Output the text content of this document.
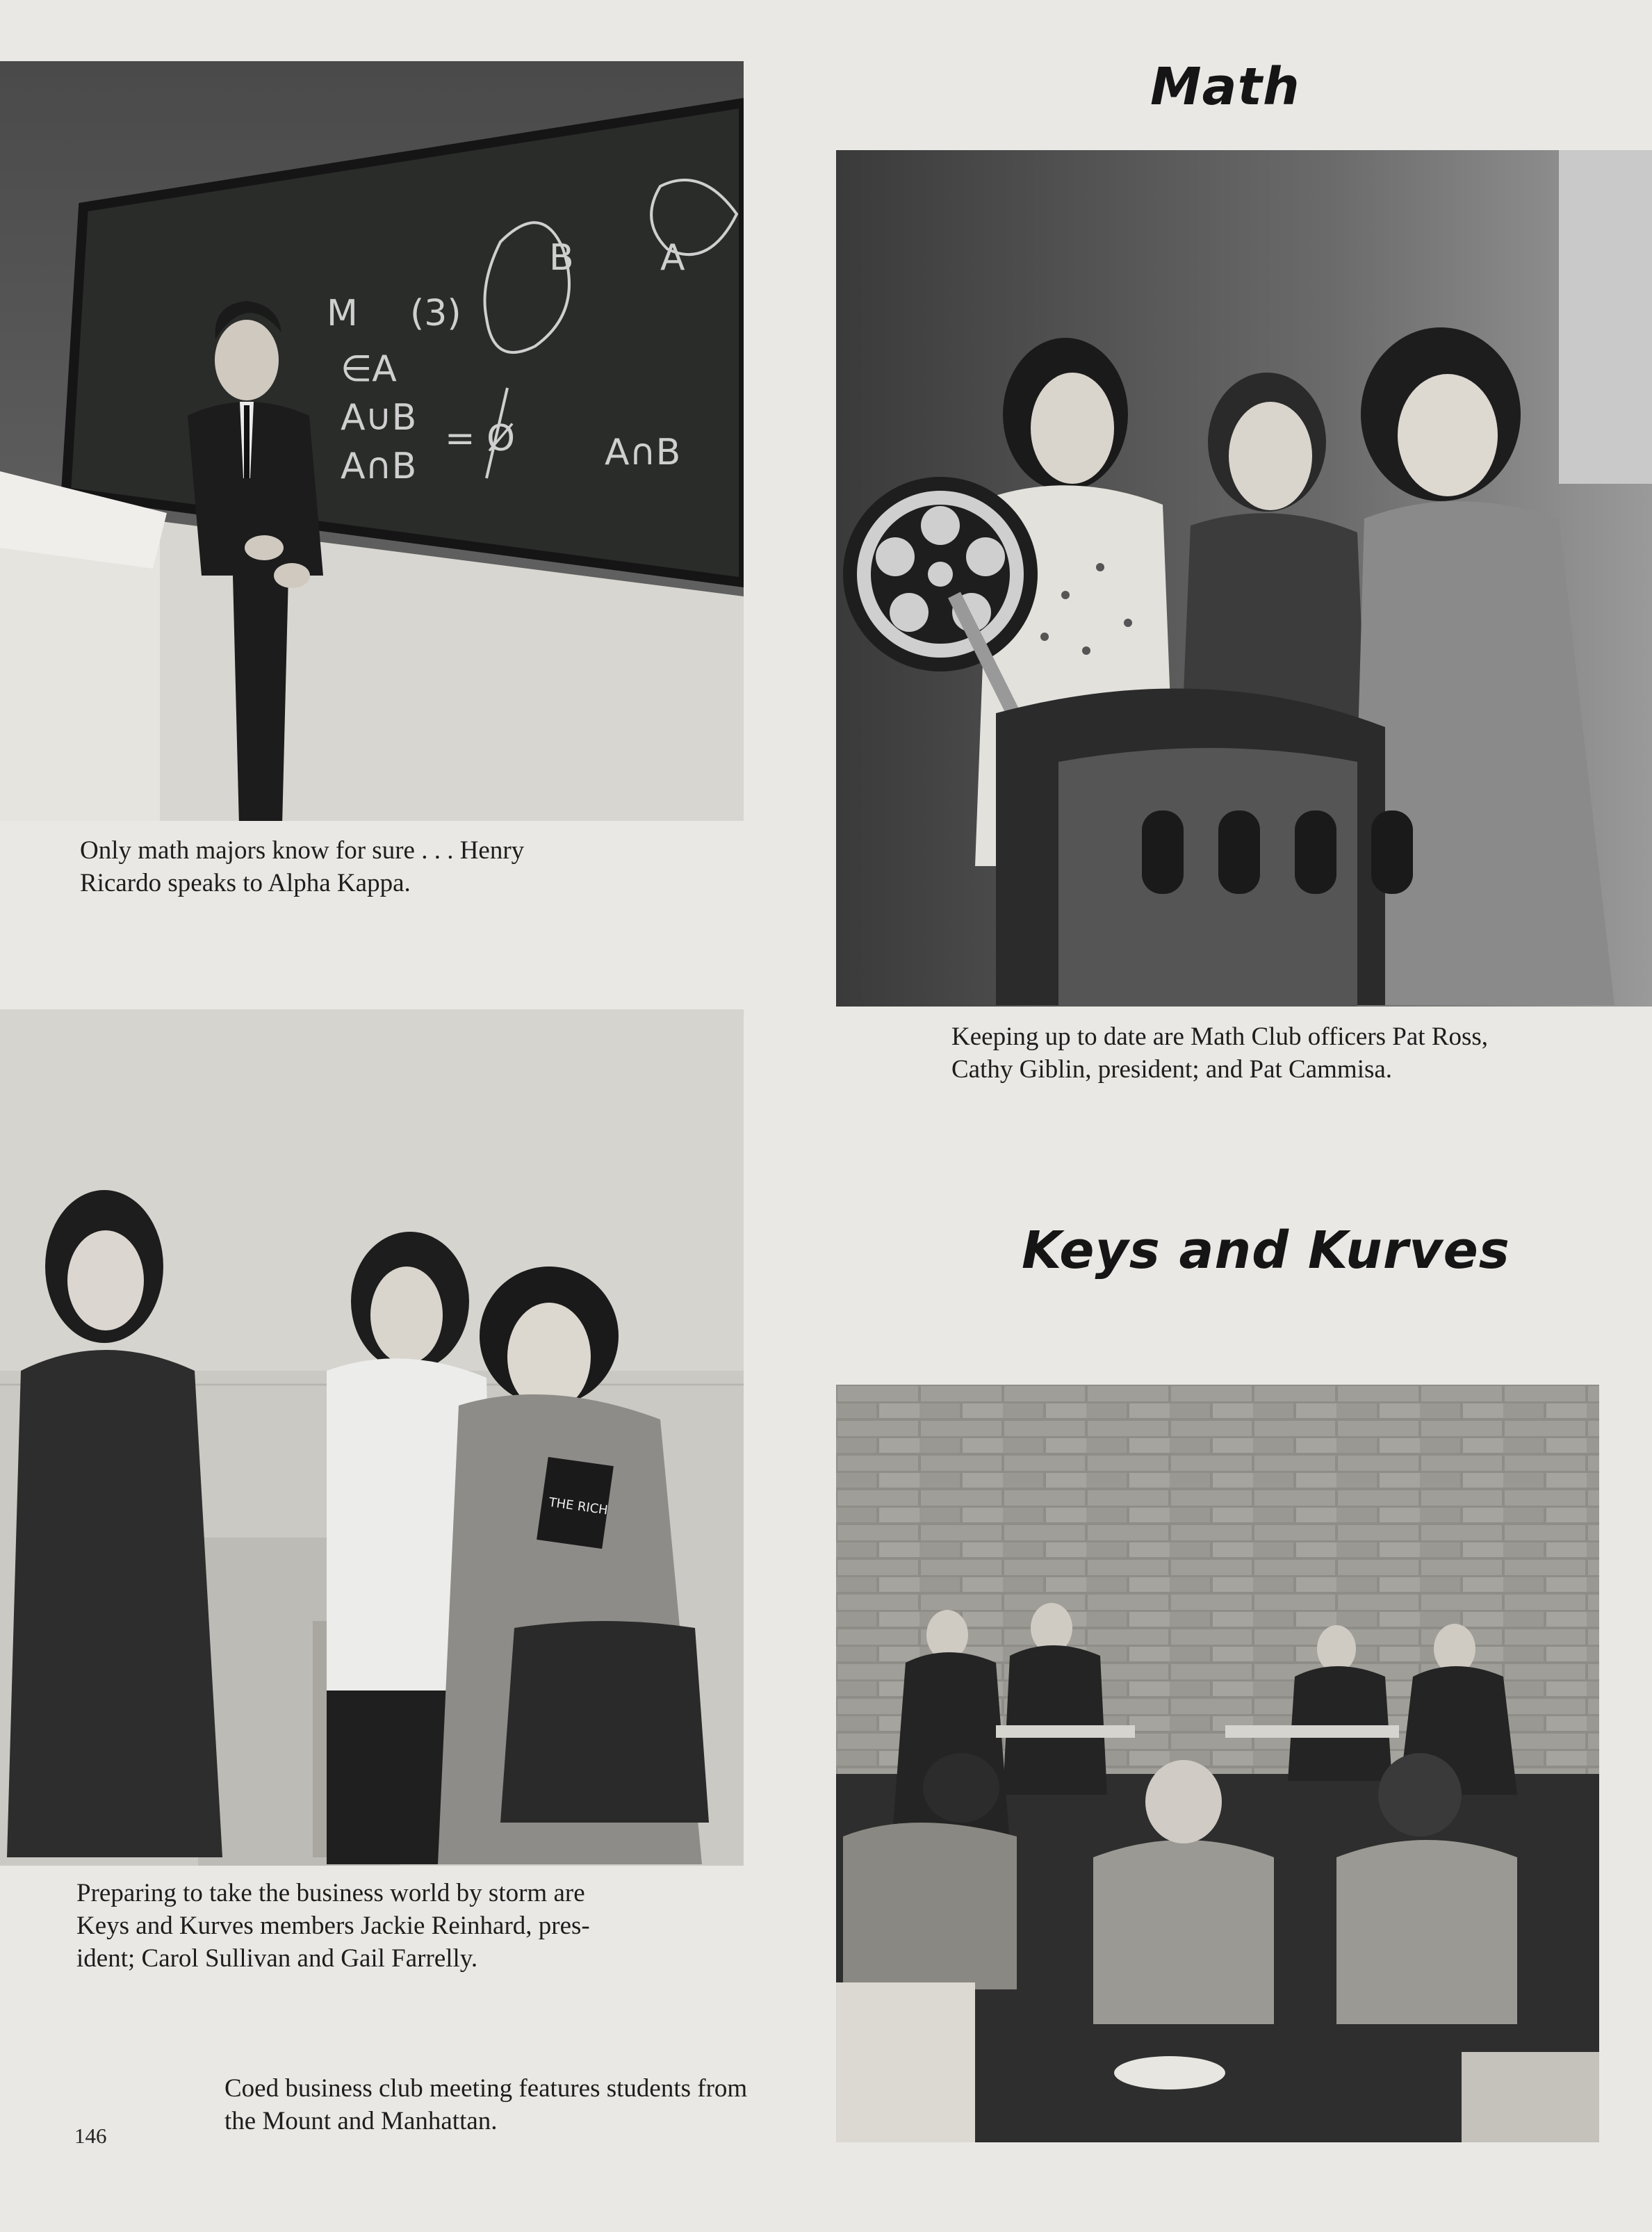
M (3)
B A
∈A
A∪B
A∩B
= Ø A∩B
Math

Only math majors know for sure . . . Henry
Ricardo speaks to Alpha Kappa.

Keeping up to date are Math Club officers Pat Ross,
Cathy Giblin, president; and Pat Cammisa.

THE RICH
Keys and Kurves

Preparing to take the business world by storm are
Keys and Kurves members Jackie Reinhard, pres-
ident; Carol Sullivan and Gail Farrelly.

Coed business club meeting features students from
the Mount and Manhattan.

146
